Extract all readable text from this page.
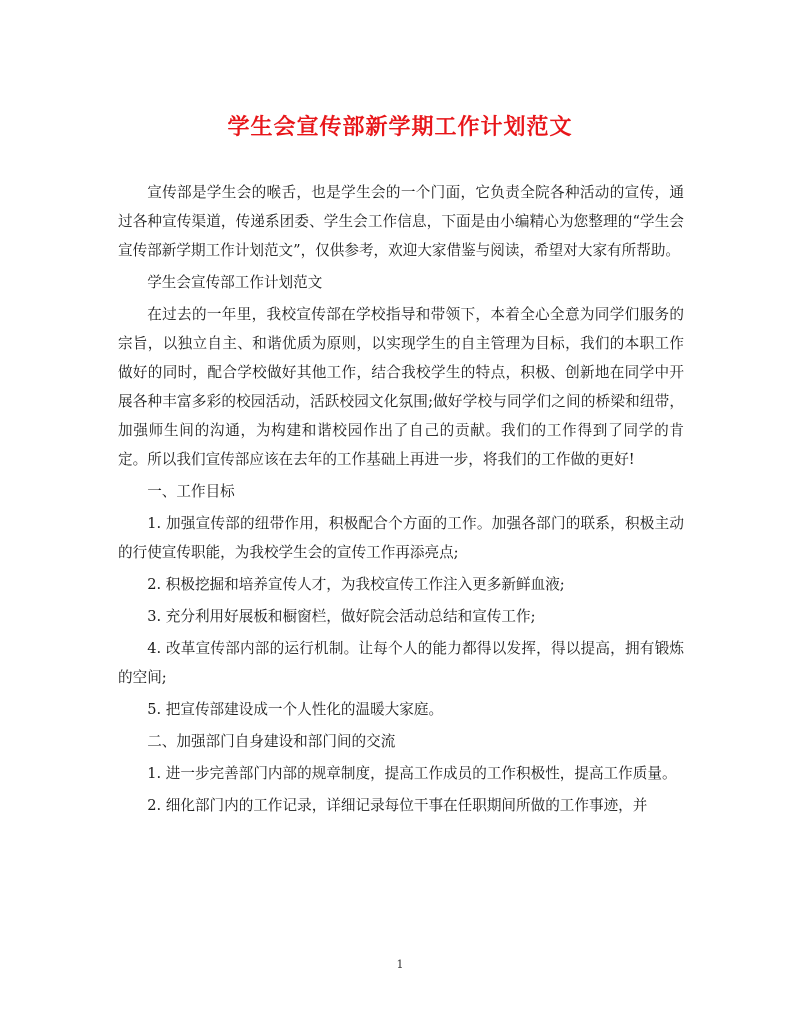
学生会宣传部新学期工作计划范文

宣传部是学生会的喉舌，也是学生会的一个门面，它负责全院各种活动的宣传，通过各种宣传渠道，传递系团委、学生会工作信息，下面是由小编精心为您整理的“学生会宣传部新学期工作计划范文”，仅供参考，欢迎大家借鉴与阅读，希望对大家有所帮助。

学生会宣传部工作计划范文

在过去的一年里，我校宣传部在学校指导和带领下，本着全心全意为同学们服务的宗旨，以独立自主、和谐优质为原则，以实现学生的自主管理为目标，我们的本职工作做好的同时，配合学校做好其他工作，结合我校学生的特点，积极、创新地在同学中开展各种丰富多彩的校园活动，活跃校园文化氛围;做好学校与同学们之间的桥梁和纽带，加强师生间的沟通，为构建和谐校园作出了自己的贡献。我们的工作得到了同学的肯定。所以我们宣传部应该在去年的工作基础上再进一步，将我们的工作做的更好!

一、工作目标

1. 加强宣传部的纽带作用，积极配合个方面的工作。加强各部门的联系，积极主动的行使宣传职能，为我校学生会的宣传工作再添亮点;

2. 积极挖掘和培养宣传人才，为我校宣传工作注入更多新鲜血液;

3. 充分利用好展板和橱窗栏，做好院会活动总结和宣传工作;

4. 改革宣传部内部的运行机制。让每个人的能力都得以发挥，得以提高，拥有锻炼的空间;

5. 把宣传部建设成一个人性化的温暖大家庭。

二、加强部门自身建设和部门间的交流

1. 进一步完善部门内部的规章制度，提高工作成员的工作积极性，提高工作质量。

2. 细化部门内的工作记录，详细记录每位干事在任职期间所做的工作事迹，并

1
